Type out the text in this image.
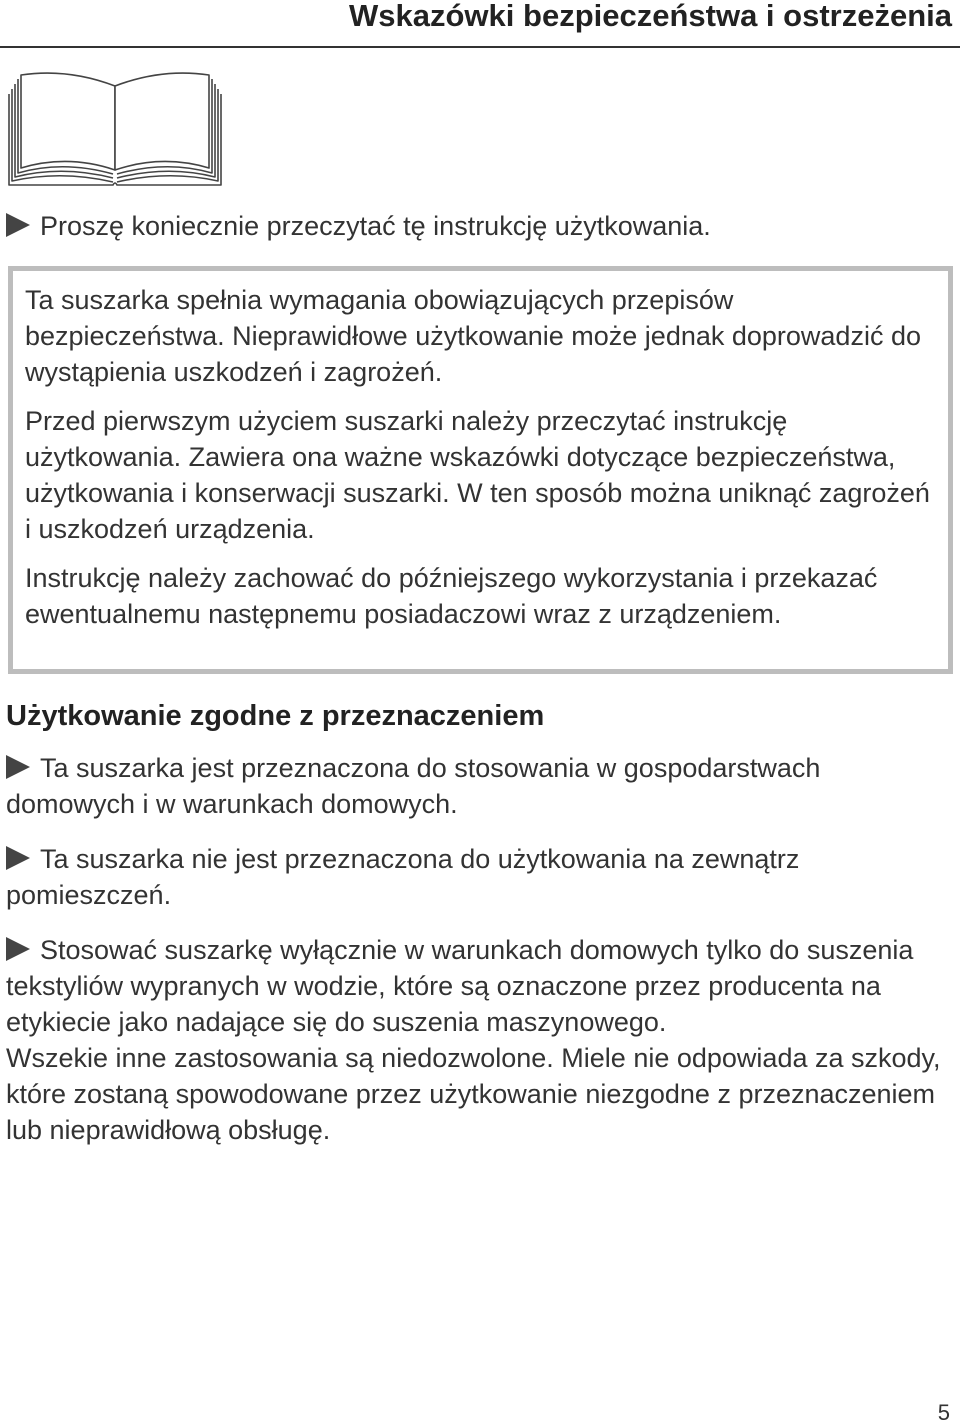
Wskazówki bezpieczeństwa i ostrzeżenia
Proszę koniecznie przeczytać tę instrukcję użytkowania.

Ta suszarka spełnia wymagania obowiązujących przepisów bezpieczeństwa. Nieprawidłowe użytkowanie może jednak doprowadzić do wystąpienia uszkodzeń i zagrożeń.

Przed pierwszym użyciem suszarki należy przeczytać instrukcję użytkowania. Zawiera ona ważne wskazówki dotyczące bezpieczeństwa, użytkowania i konserwacji suszarki. W ten sposób można uniknąć zagrożeń i uszkodzeń urządzenia.

Instrukcję należy zachować do późniejszego wykorzystania i przekazać ewentualnemu następnemu posiadaczowi wraz z urządzeniem.

Użytkowanie zgodne z przeznaczeniem

Ta suszarka jest przeznaczona do stosowania w gospodarstwach domowych i w warunkach domowych.

Ta suszarka nie jest przeznaczona do użytkowania na zewnątrz pomieszczeń.

Stosować suszarkę wyłącznie w warunkach domowych tylko do suszenia tekstyliów wypranych w wodzie, które są oznaczone przez producenta na etykiecie jako nadające się do suszenia maszynowego.

Wszekie inne zastosowania są niedozwolone. Miele nie odpowiada za szkody, które zostaną spowodowane przez użytkowanie niezgodne z przeznaczeniem lub nieprawidłową obsługę.

5
